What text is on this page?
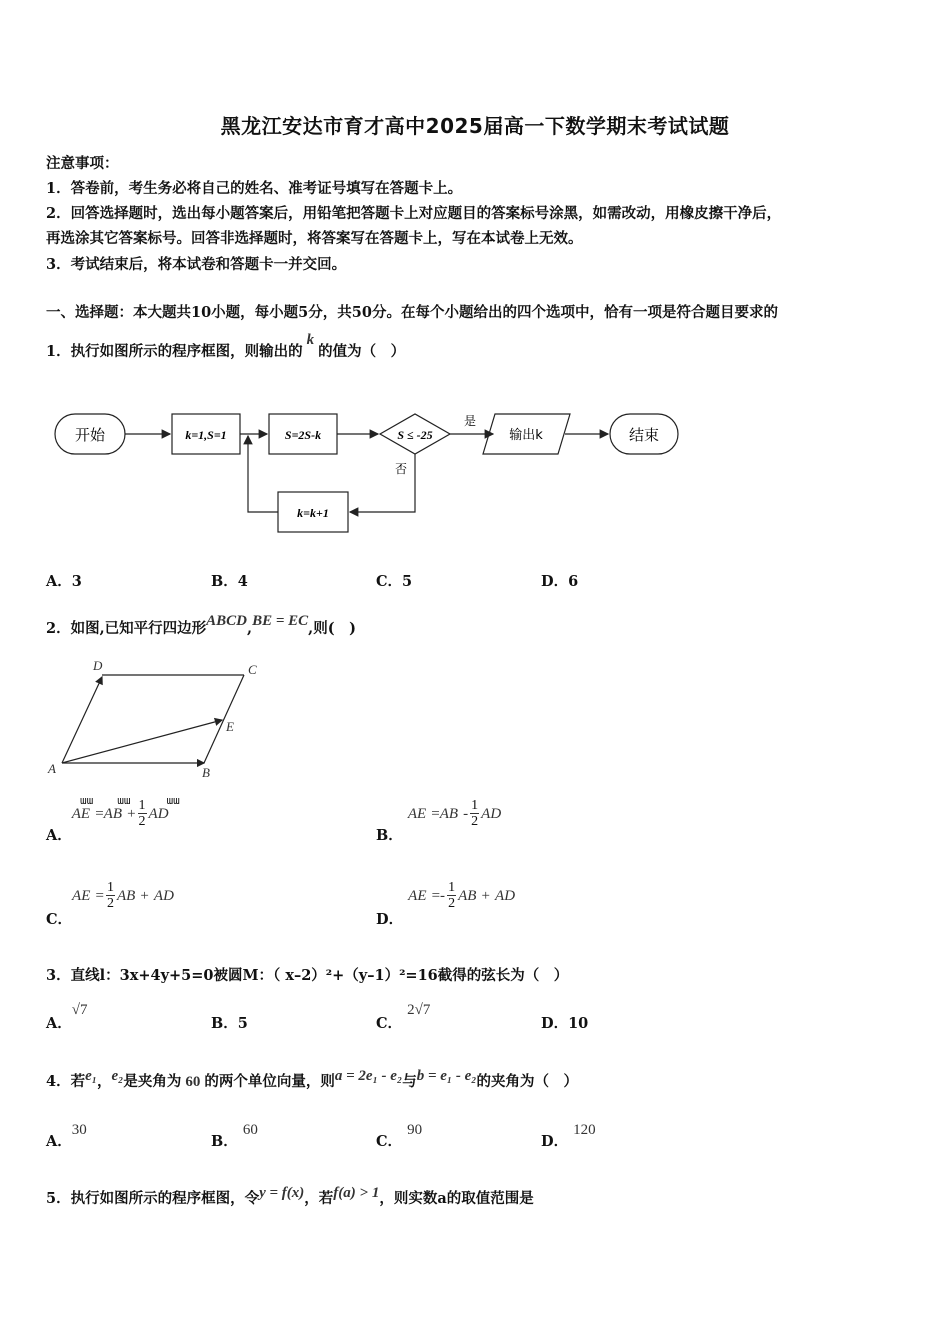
黑龙江安达市育才高中2025届高一下数学期末考试试题
注意事项：
1．答卷前，考生务必将自己的姓名、准考证号填写在答题卡上。
2．回答选择题时，选出每小题答案后，用铅笔把答题卡上对应题目的答案标号涂黑，如需改动，用橡皮擦干净后，
再选涂其它答案标号。回答非选择题时，将答案写在答题卡上，写在本试卷上无效。
3．考试结束后，将本试卷和答题卡一并交回。
一、选择题：本大题共10小题，每小题5分，共50分。在每个小题给出的四个选项中，恰有一项是符合题目要求的
1．执行如图所示的程序框图，则输出的k的值为（　）
开始	k=1,S=1	S=2S-k	S ≤ -25
是
否
输出k	结束
k=k+1
A．3	B．4	C．5	D．6
2．如图,已知平行四边形ABCD,BE = EC,则(　)
A	B
C
D
E
ɯɯ ɯɯ	ɯɯ
A．AE $=AB + \frac{1}{2}$ AD
B． AE $=AB - \frac{1}{2}$ AD
C．AE = $\frac{1}{2}$ AB + AD
D． AE =- $\frac{1}{2}$ AB + AD
3．直线l：3x+4y+5=0被圆M：（ x–2）²+（y–1）²=16截得的弦长为（　）
A．√7
B．5	C． 2√7
D．10
4．若e₁，e₂是夹角为 60 的两个单位向量，则a = 2e₁ - e₂与b = e₁ - e₂的夹角为（　）
A．30
B． 60
C． 90
D． 120
5．执行如图所示的程序框图，令y = f(x)，若f(a) > 1，则实数a的取值范围是
